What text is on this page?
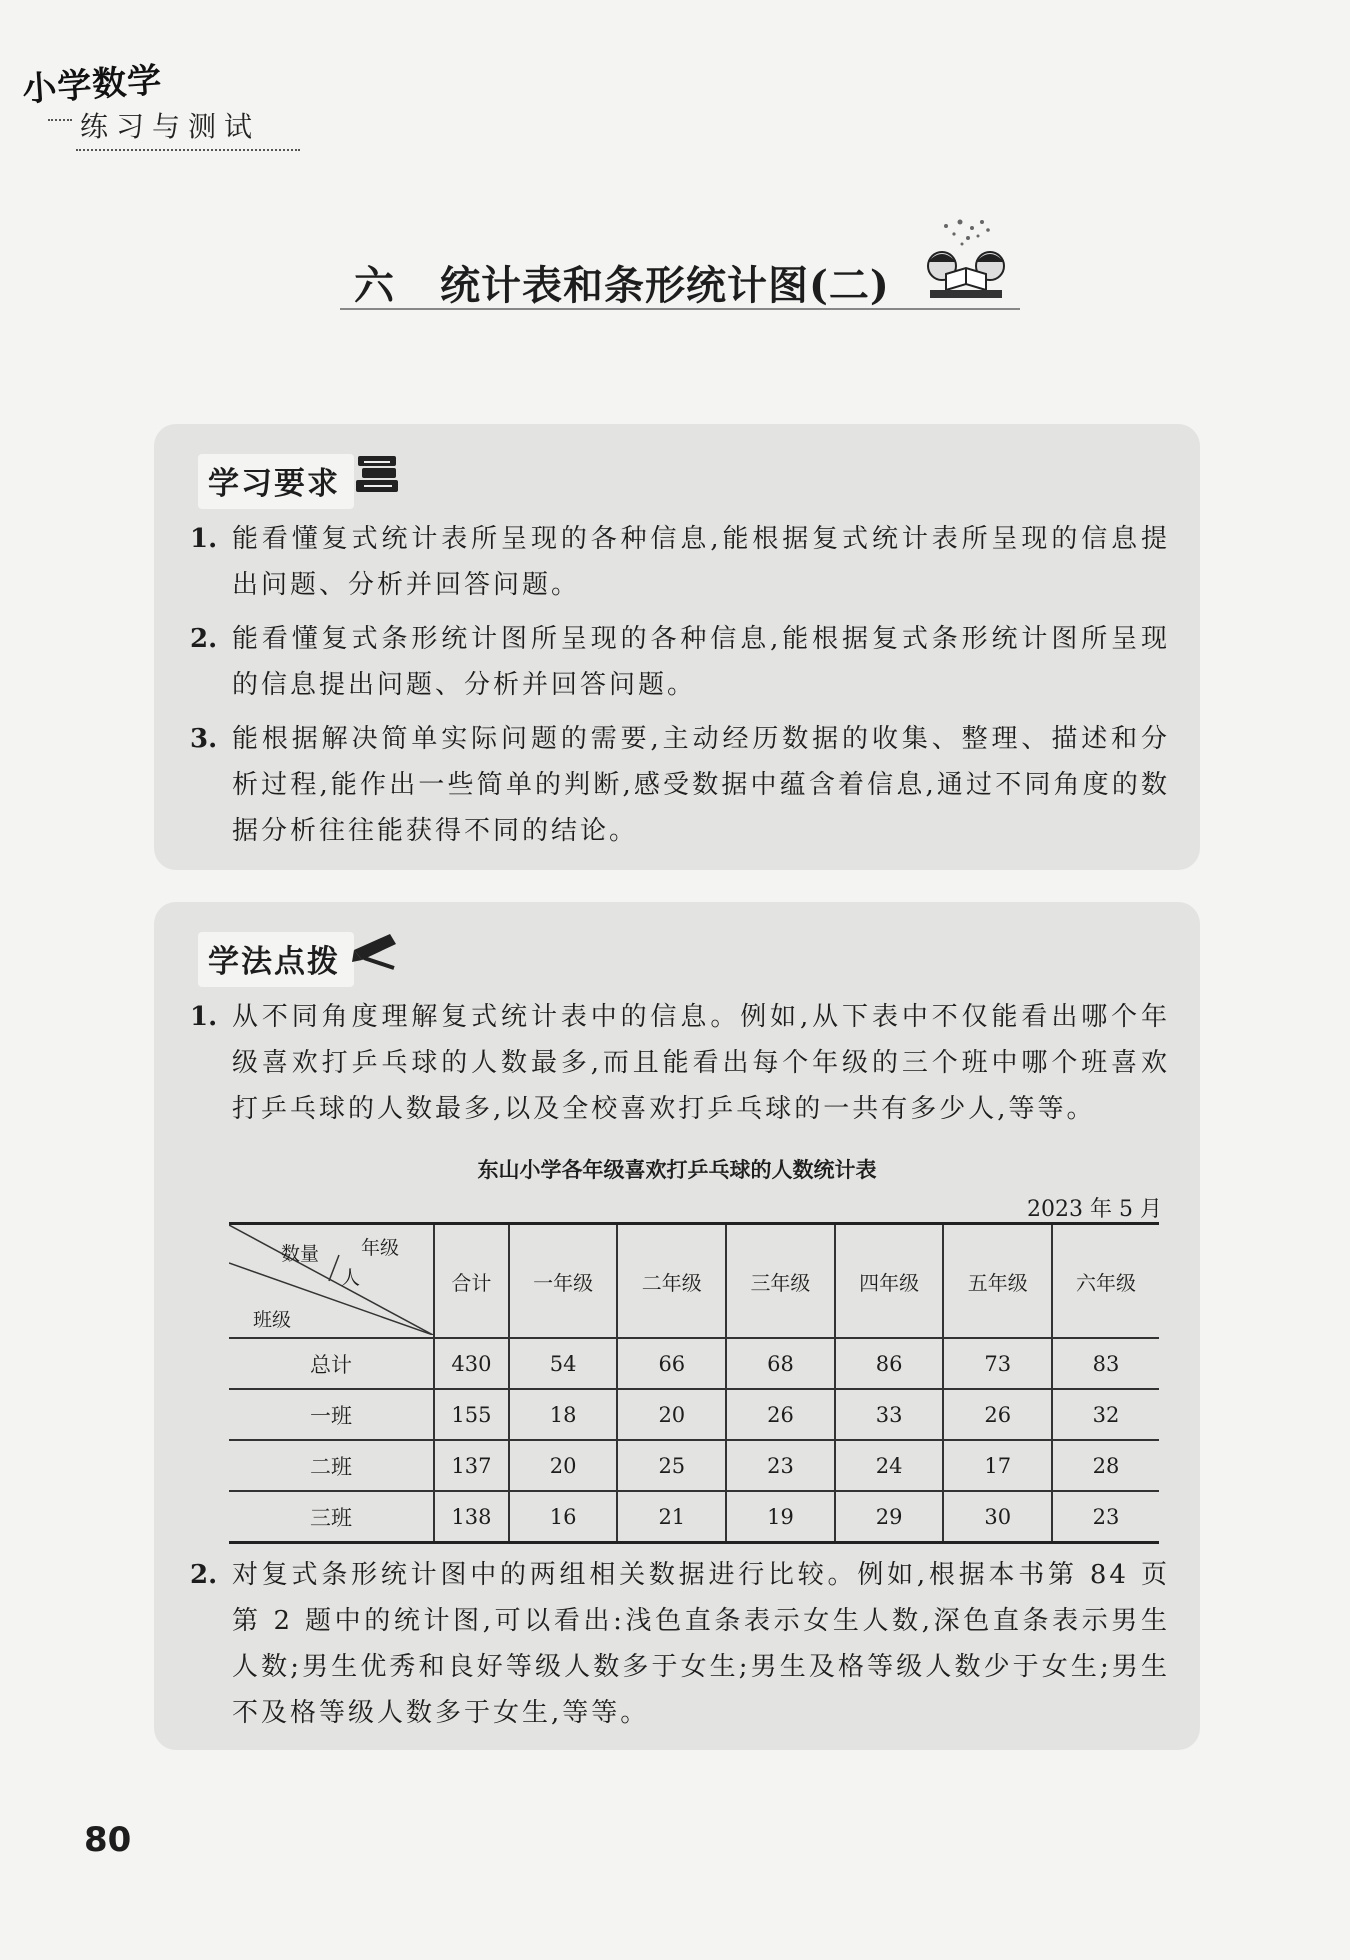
小学数学
练习与测试
六 统计表和条形统计图(二)
学习要求
1. 能看懂复式统计表所呈现的各种信息,能根据复式统计表所呈现的信息提出问题、分析并回答问题。
2. 能看懂复式条形统计图所呈现的各种信息,能根据复式条形统计图所呈现的信息提出问题、分析并回答问题。
3. 能根据解决简单实际问题的需要,主动经历数据的收集、整理、描述和分析过程,能作出一些简单的判断,感受数据中蕴含着信息,通过不同角度的数据分析往往能获得不同的结论。
学法点拨
1. 从不同角度理解复式统计表中的信息。例如,从下表中不仅能看出哪个年级喜欢打乒乓球的人数最多,而且能看出每个年级的三个班中哪个班喜欢打乒乓球的人数最多,以及全校喜欢打乒乓球的一共有多少人,等等。
东山小学各年级喜欢打乒乓球的人数统计表
2023 年 5 月
年级
数量
人
班级	合计	一年级	二年级	三年级	四年级	五年级	六年级
总计	430	54	66	68	86	73	83
一班	155	18	20	26	33	26	32
二班	137	20	25	23	24	17	28
三班	138	16	21	19	29	30	23
2. 对复式条形统计图中的两组相关数据进行比较。例如,根据本书第 84 页第 2 题中的统计图,可以看出:浅色直条表示女生人数,深色直条表示男生人数;男生优秀和良好等级人数多于女生;男生及格等级人数少于女生;男生不及格等级人数多于女生,等等。
80
